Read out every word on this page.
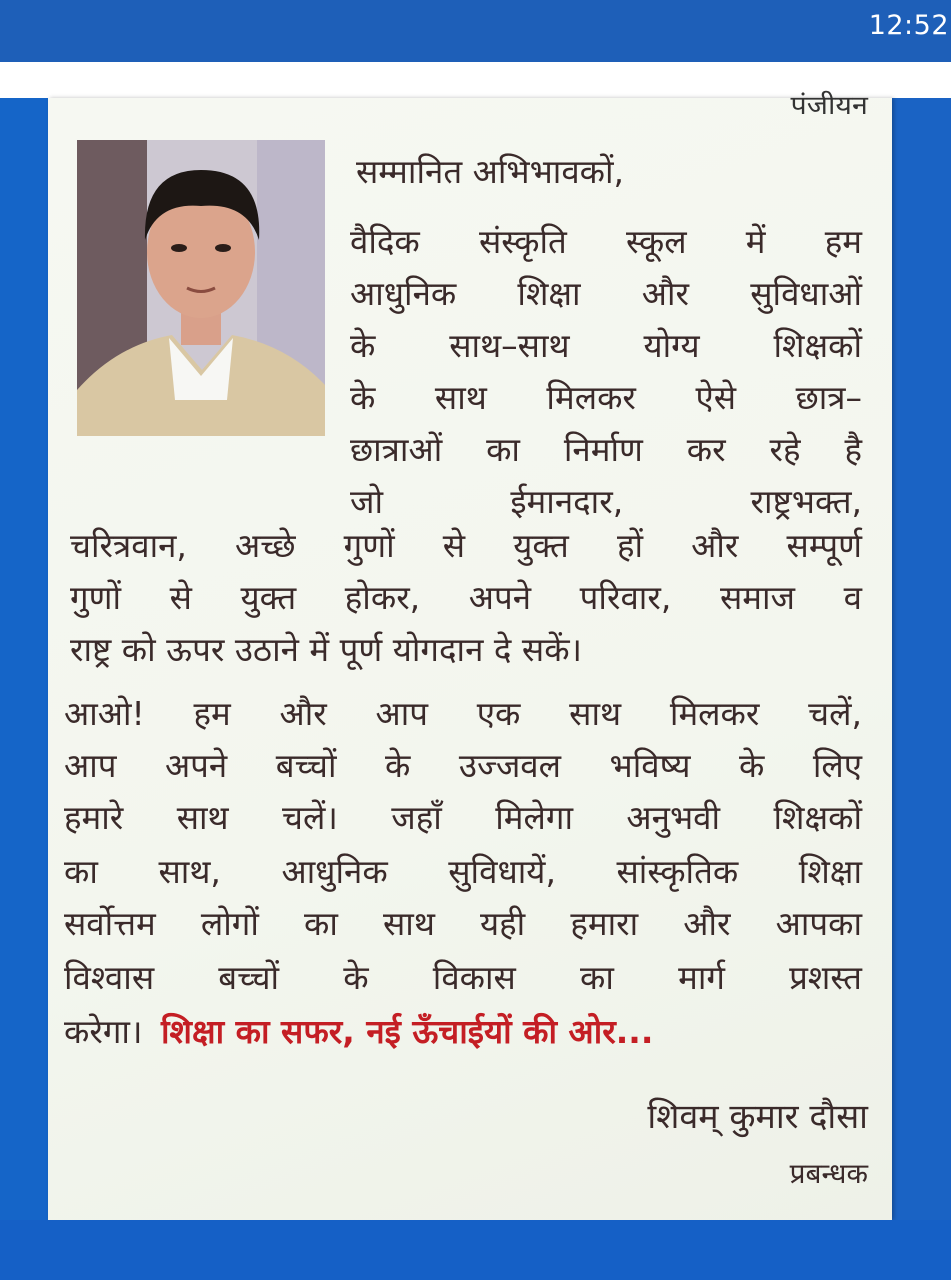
12:52
पंजीयन
सम्मानित अभिभावकों,
वैदिक संस्कृति स्कूल में हम
आधुनिक शिक्षा और सुविधाओं
के साथ–साथ योग्य शिक्षकों
के साथ मिलकर ऐसे छात्र–
छात्राओं का निर्माण कर रहे है
जो ईमानदार, राष्ट्रभक्त,
चरित्रवान, अच्छे गुणों से युक्त हों और सम्पूर्ण
गुणों से युक्त होकर, अपने परिवार, समाज व
राष्ट्र को ऊपर उठाने में पूर्ण योगदान दे सकें।
आओ! हम और आप एक साथ मिलकर चलें,
आप अपने बच्चों के उज्जवल भविष्य के लिए
हमारे साथ चलें। जहाँ मिलेगा अनुभवी शिक्षकों
का साथ, आधुनिक सुविधायें, सांस्कृतिक शिक्षा
सर्वोत्तम लोगों का साथ यही हमारा और आपका
विश्वास बच्चों के विकास का मार्ग प्रशस्त
करेगा। शिक्षा का सफर, नई ऊँचाईयों की ओर...
शिवम् कुमार दौसा
प्रबन्धक
